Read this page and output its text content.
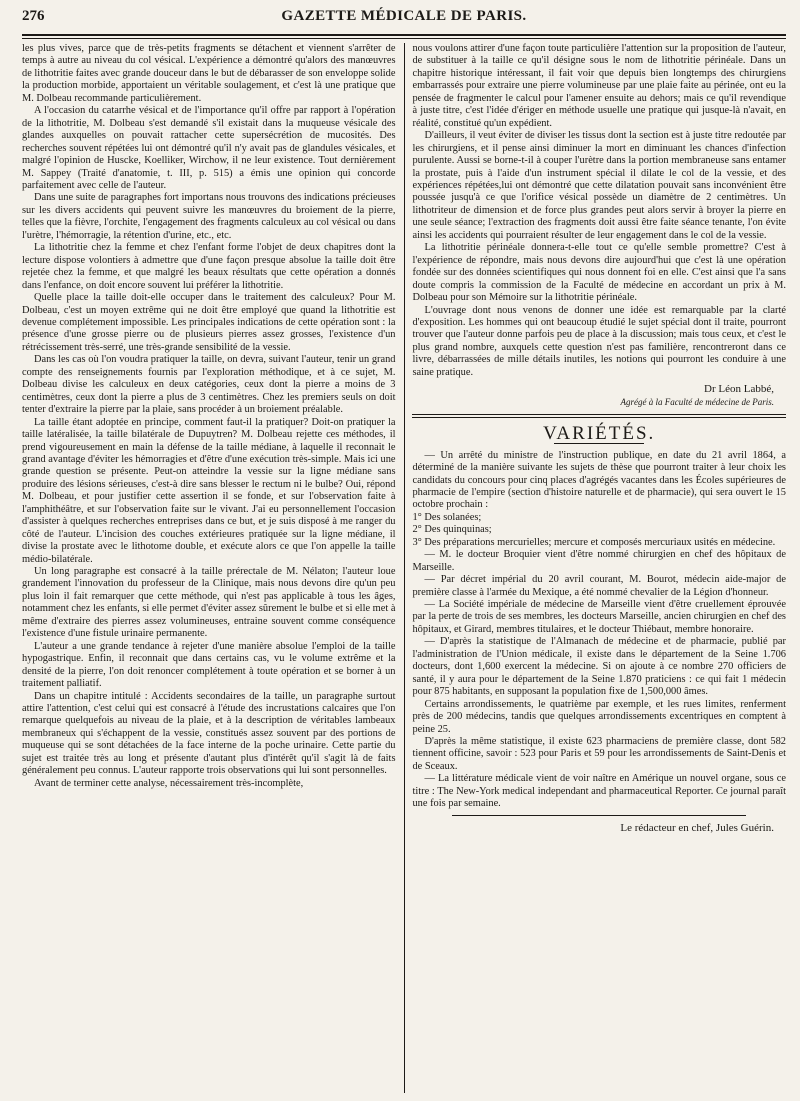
276	GAZETTE MÉDICALE DE PARIS.

les plus vives, parce que de très-petits fragments se détachent et viennent s'arrêter de temps à autre au niveau du col vésical. L'expérience a démontré qu'alors des manœuvres de lithotritie faites avec grande douceur dans le but de débarasser de son enveloppe solide la production morbide, apportaient un véritable soulagement, et c'est là une pratique que M. Dolbeau recommande particulièrement.

A l'occasion du catarrhe vésical et de l'importance qu'il offre par rapport à l'opération de la lithotritie, M. Dolbeau s'est demandé s'il existait dans la muqueuse vésicale des glandes auxquelles on pouvait rattacher cette supersécrétion de mucosités. Des recherches souvent répétées lui ont démontré qu'il n'y avait pas de glandules vésicales, et malgré l'opinion de Huscke, Koelliker, Wirchow, il ne leur existence. Tout dernièrement M. Sappey (Traité d'anatomie, t. III, p. 515) a émis une opinion qui concorde parfaitement avec celle de l'auteur.

Dans une suite de paragraphes fort importans nous trouvons des indications précieuses sur les divers accidents qui peuvent suivre les manœuvres du broiement de la pierre, telles que la fièvre, l'orchite, l'engagement des fragments calculeux au col vésical ou dans l'urètre, l'hémorragie, la rétention d'urine, etc., etc.

La lithotritie chez la femme et chez l'enfant forme l'objet de deux chapitres dont la lecture dispose volontiers à admettre que d'une façon presque absolue la taille doit être rejetée chez la femme, et que malgré les beaux résultats que cette opération a donnés dans l'enfance, on doit encore souvent lui préférer la lithotritie.

Quelle place la taille doit-elle occuper dans le traitement des calculeux? Pour M. Dolbeau, c'est un moyen extrême qui ne doit être employé que quand la lithotritie est devenue complétement impossible. Les principales indications de cette opération sont : la présence d'une grosse pierre ou de plusieurs pierres assez grosses, l'existence d'un rétrécissement très-serré, une très-grande sensibilité de la vessie.

Dans les cas où l'on voudra pratiquer la taille, on devra, suivant l'auteur, tenir un grand compte des renseignements fournis par l'exploration méthodique, et à ce sujet, M. Dolbeau divise les calculeux en deux catégories, ceux dont la pierre a moins de 3 centimètres, ceux dont la pierre a plus de 3 centimètres. Chez les premiers seuls on doit tenter d'extraire la pierre par la plaie, sans procéder à un broiement préalable.

La taille étant adoptée en principe, comment faut-il la pratiquer? Doit-on pratiquer la taille latéralisée, la taille bilatérale de Dupuytren? M. Dolbeau rejette ces méthodes, il prend vigoureusement en main la défense de la taille médiane, à laquelle il reconnait le grand avantage d'éviter les hémorragies et d'être d'une exécution très-simple. Mais ici une grande question se présente. Peut-on atteindre la vessie sur la ligne médiane sans produire des lésions sérieuses, c'est-à dire sans blesser le rectum ni le bulbe? Oui, répond M. Dolbeau, et pour justifier cette assertion il se fonde, et sur l'observation faite à l'amphithéâtre, et sur l'observation faite sur le vivant. J'ai eu personnellement l'occasion d'assister à quelques recherches entreprises dans ce but, et je suis disposé à me ranger du côté de l'auteur. L'incision des couches extérieures pratiquée sur la ligne médiane, il divise la prostate avec le lithotome double, et exécute alors ce que l'on appelle la taille médio-bilatérale.

Un long paragraphe est consacré à la taille prérectale de M. Nélaton; l'auteur loue grandement l'innovation du professeur de la Clinique, mais nous devons dire qu'un peu plus loin il fait remarquer que cette méthode, qui n'est pas applicable à tous les âges, notamment chez les enfants, si elle permet d'éviter assez sûrement le bulbe et si elle met à même d'extraire des pierres assez volumineuses, entraine souvent comme conséquence l'existence d'une fistule urinaire permanente.

L'auteur a une grande tendance à rejeter d'une manière absolue l'emploi de la taille hypogastrique. Enfin, il reconnait que dans certains cas, vu le volume extrême et la densité de la pierre, l'on doit renoncer complétement à toute opération et se borner à un traitement palliatif.

Dans un chapitre intitulé : Accidents secondaires de la taille, un paragraphe surtout attire l'attention, c'est celui qui est consacré à l'étude des incrustations calcaires que l'on remarque quelquefois au niveau de la plaie, et à la description de véritables lambeaux membraneux qui s'échappent de la vessie, constitués assez souvent par des portions de muqueuse qui se sont détachées de la face interne de la poche urinaire. Cette partie du sujet est traitée très au long et présente d'autant plus d'intérêt qu'il s'agit là de faits généralement peu connus. L'auteur rapporte trois observations qui lui sont personnelles.

Avant de terminer cette analyse, nécessairement très-incomplète,

nous voulons attirer d'une façon toute particulière l'attention sur la proposition de l'auteur, de substituer à la taille ce qu'il désigne sous le nom de lithotritie périnéale. Dans un chapitre historique intéressant, il fait voir que depuis bien longtemps des chirurgiens embarrassés pour extraire une pierre volumineuse par une plaie faite au périnée, ont eu la pensée de fragmenter le calcul pour l'amener ensuite au dehors; mais ce qu'il revendique à juste titre, c'est l'idée d'ériger en méthode usuelle une pratique qui jusque-là n'avait, en réalité, constitué qu'un expédient.

D'ailleurs, il veut éviter de diviser les tissus dont la section est à juste titre redoutée par les chirurgiens, et il pense ainsi diminuer la mort en diminuant les chances d'infection purulente. Aussi se borne-t-il à couper l'urètre dans la portion membraneuse sans entamer la prostate, puis à l'aide d'un instrument spécial il dilate le col de la vessie, et des expériences répétées,lui ont démontré que cette dilatation pouvait sans inconvénient être poussée jusqu'à ce que l'orifice vésical possède un diamètre de 2 centimètres. Un lithotriteur de dimension et de force plus grandes peut alors servir à broyer la pierre en une seule séance; l'extraction des fragments doit aussi être faite séance tenante, l'on évite ainsi les accidents qui pourraient résulter de leur engagement dans le col de la vessie.

La lithotritie périnéale donnera-t-elle tout ce qu'elle semble promettre? C'est à l'expérience de répondre, mais nous devons dire aujourd'hui que c'est là une opération fondée sur des données scientifiques qui nous donnent foi en elle. C'est ainsi que l'a sans doute compris la commission de la Faculté de médecine en accordant un prix à M. Dolbeau pour son Mémoire sur la lithotritie périnéale.

L'ouvrage dont nous venons de donner une idée est remarquable par la clarté d'exposition. Les hommes qui ont beaucoup étudié le sujet spécial dont il traite, pourront trouver que l'auteur donne parfois peu de place à la discussion; mais tous ceux, et c'est le plus grand nombre, auxquels cette question n'est pas familière, rencontreront dans ce livre, débarrassées de mille détails inutiles, les notions qui pourront les conduire à une saine pratique.

Dr Léon Labbé,
Agrégé à la Faculté de médecine de Paris.
VARIÉTÉS.

— Un arrêté du ministre de l'instruction publique, en date du 21 avril 1864, a déterminé de la manière suivante les sujets de thèse que pourront traiter à leur choix les candidats du concours pour cinq places d'agrégés vacantes dans les Écoles supérieures de pharmacie de l'empire (section d'histoire naturelle et de pharmacie), qui sera ouvert le 15 octobre prochain :

1° Des solanées;

2° Des quinquinas;

3° Des préparations mercurielles; mercure et composés mercuriaux usités en médecine.

— M. le docteur Broquier vient d'être nommé chirurgien en chef des hôpitaux de Marseille.

— Par décret impérial du 20 avril courant, M. Bourot, médecin aide-major de première classe à l'armée du Mexique, a été nommé chevalier de la Légion d'honneur.

— La Société impériale de médecine de Marseille vient d'être cruellement éprouvée par la perte de trois de ses membres, les docteurs Marseille, ancien chirurgien en chef des hôpitaux, et Girard, membres titulaires, et le docteur Thiébaut, membre honoraire.

— D'après la statistique de l'Almanach de médecine et de pharmacie, publié par l'administration de l'Union médicale, il existe dans le département de la Seine 1.706 docteurs, dont 1,600 exercent la médecine. Si on ajoute à ce nombre 270 officiers de santé, il y aura pour le département de la Seine 1.870 praticiens : ce qui fait 1 médecin pour 875 habitants, en supposant la population fixe de 1,500,000 âmes.

Certains arrondissements, le quatrième par exemple, et les rues limites, renferment près de 200 médecins, tandis que quelques arrondissements excentriques en comptent à peine 25.

D'après la même statistique, il existe 623 pharmaciens de première classe, dont 582 tiennent officine, savoir : 523 pour Paris et 59 pour les arrondissements de Saint-Denis et de Sceaux.

— La littérature médicale vient de voir naître en Amérique un nouvel organe, sous ce titre : The New-York medical independant and pharmaceutical Reporter. Ce journal paraît une fois par semaine.

Le rédacteur en chef, Jules Guérin.
